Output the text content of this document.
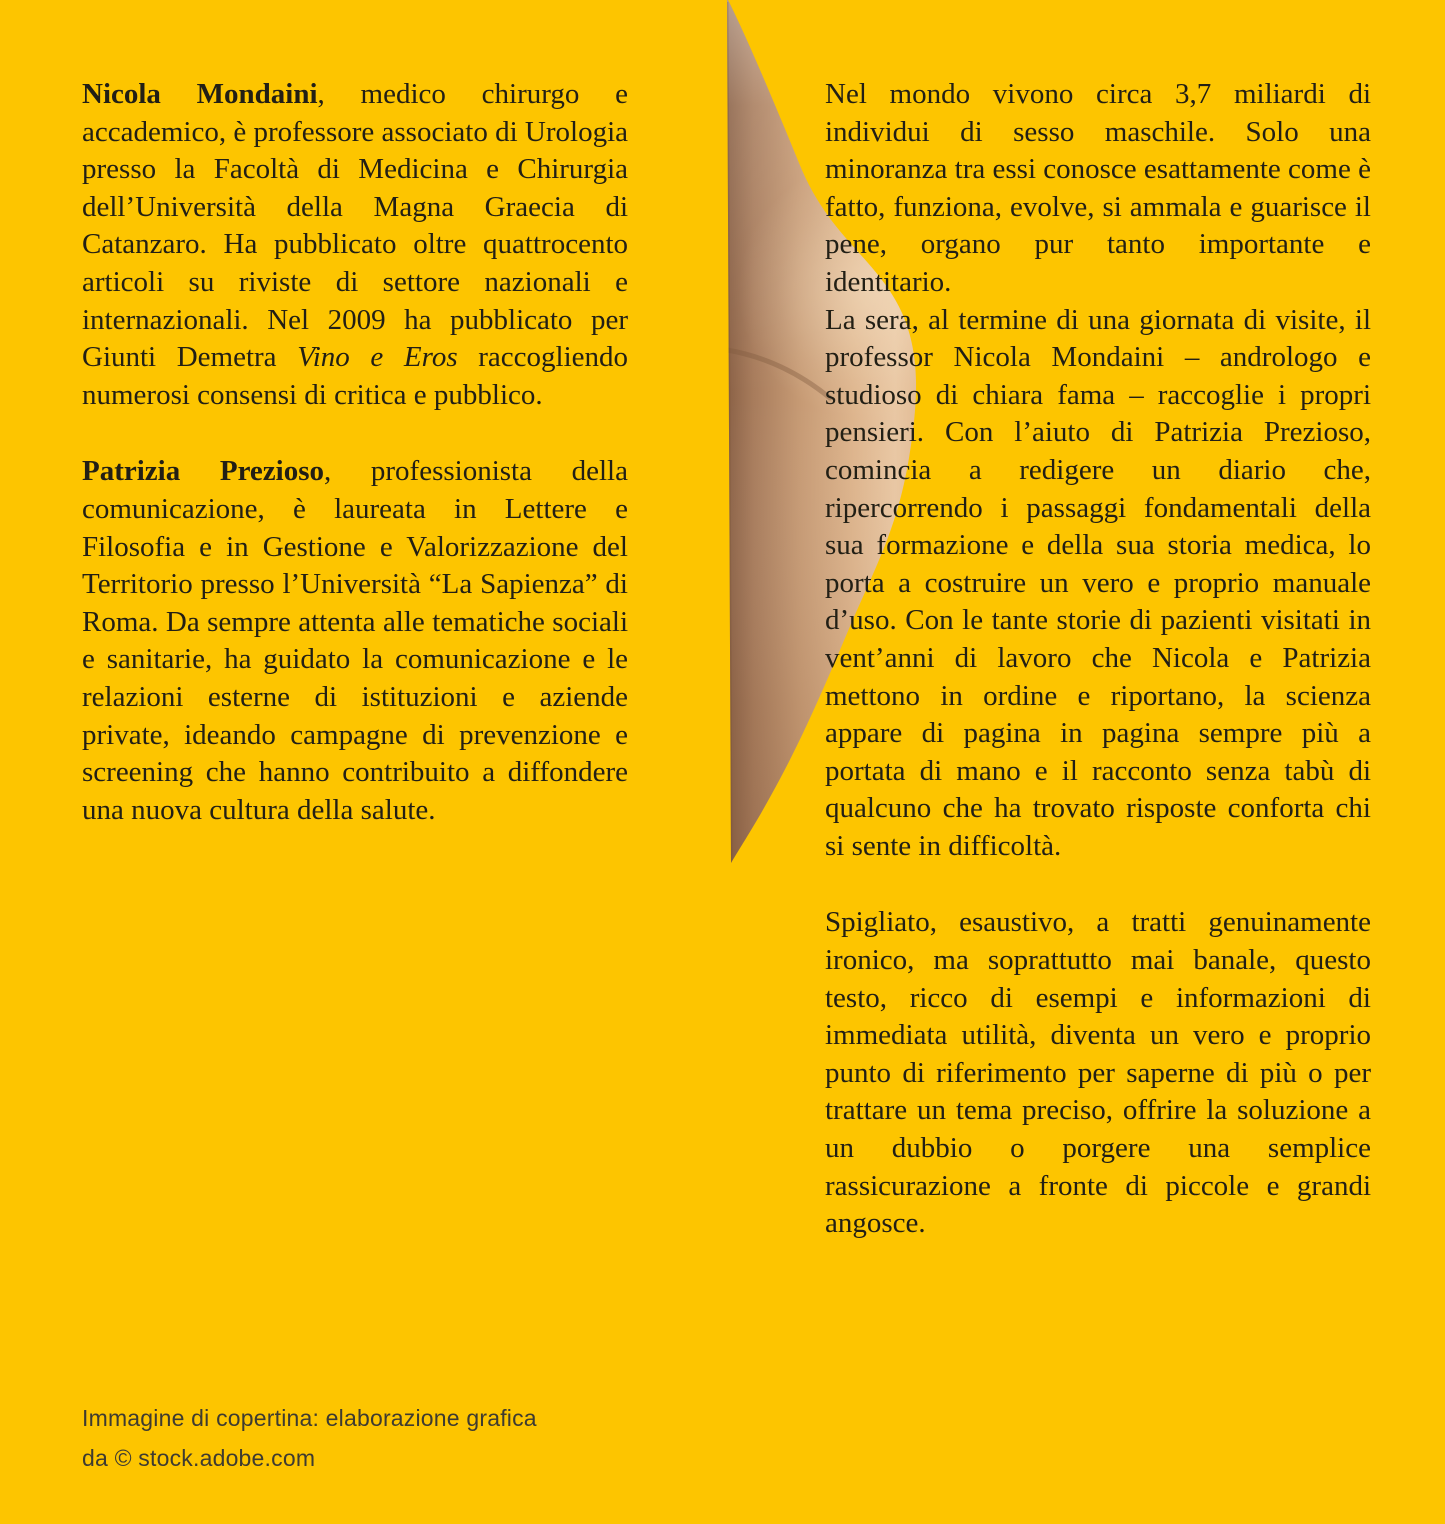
Nicola Mondaini, medico chirurgo e accademico, è professore associato di Urologia presso la Facoltà di Medicina e Chirurgia dell’Università della Magna Graecia di Catanzaro. Ha pubblicato oltre quattrocento articoli su riviste di settore nazionali e internazionali. Nel 2009 ha pubblicato per Giunti Demetra Vino e Eros raccogliendo numerosi consensi di critica e pubblico.

Patrizia Prezioso, professionista della comunicazione, è laureata in Lettere e Filosofia e in Gestione e Valorizzazione del Territorio presso l’Università “La Sapienza” di Roma. Da sempre attenta alle tematiche sociali e sanitarie, ha guidato la comunicazione e le relazioni esterne di istituzioni e aziende private, ideando campagne di prevenzione e screening che hanno contribuito a diffondere una nuova cultura della salute.

Nel mondo vivono circa 3,7 miliardi di individui di sesso maschile. Solo una minoranza tra essi conosce esattamente come è fatto, funziona, evolve, si ammala e guarisce il pene, organo pur tanto importante e identitario.

La sera, al termine di una giornata di visite, il professor Nicola Mondaini – andrologo e studioso di chiara fama – raccoglie i propri pensieri. Con l’aiuto di Patrizia Prezioso, comincia a redigere un diario che, ripercorrendo i passaggi fondamentali della sua formazione e della sua storia medica, lo porta a costruire un vero e proprio manuale d’uso. Con le tante storie di pazienti visitati in vent’anni di lavoro che Nicola e Patrizia mettono in ordine e riportano, la scienza appare di pagina in pagina sempre più a portata di mano e il racconto senza tabù di qualcuno che ha trovato risposte conforta chi si sente in difficoltà.

Spigliato, esaustivo, a tratti genuinamente ironico, ma soprattutto mai banale, questo testo, ricco di esempi e informazioni di immediata utilità, diventa un vero e proprio punto di riferimento per saperne di più o per trattare un tema preciso, offrire la soluzione a un dubbio o porgere una semplice rassicurazione a fronte di piccole e grandi angosce.

Immagine di copertina: elaborazione grafica
da © stock.adobe.com
